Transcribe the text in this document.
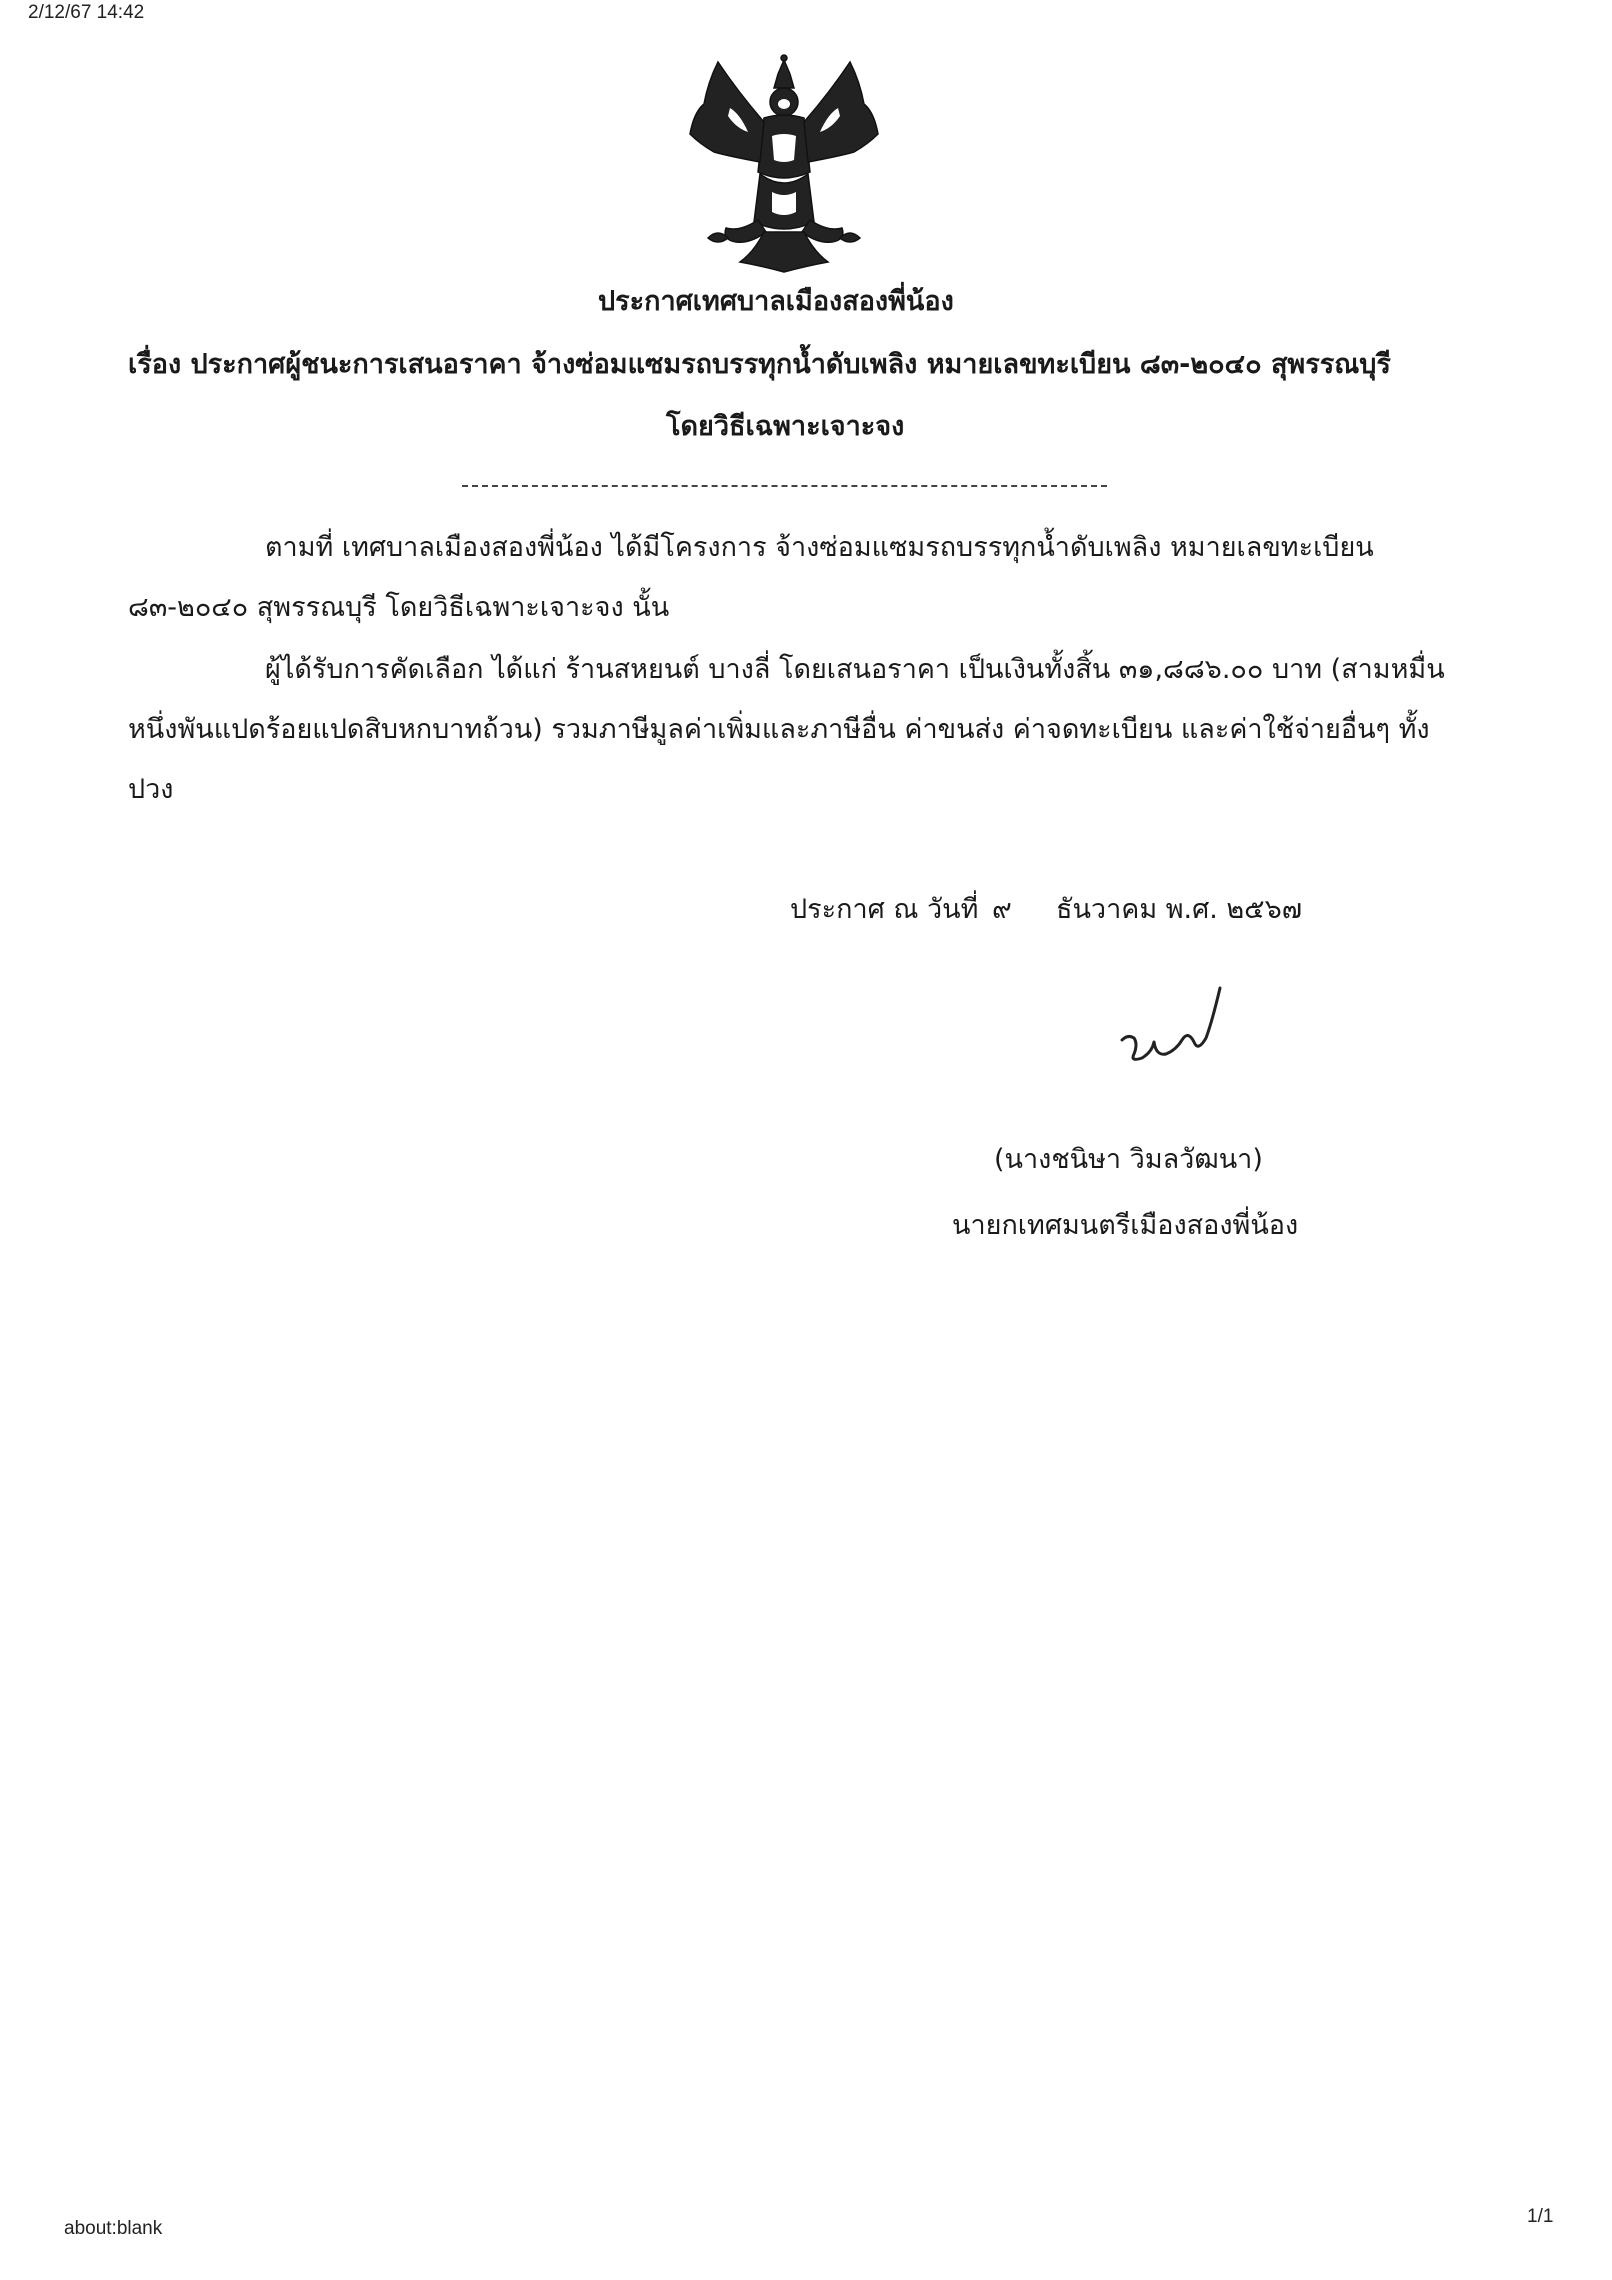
2/12/67 14:42
ประกาศเทศบาลเมืองสองพี่น้อง
เรื่อง ประกาศผู้ชนะการเสนอราคา จ้างซ่อมแซมรถบรรทุกน้ำดับเพลิง หมายเลขทะเบียน ๘๓-๒๐๔๐ สุพรรณบุรี
โดยวิธีเฉพาะเจาะจง
ตามที่ เทศบาลเมืองสองพี่น้อง ได้มีโครงการ จ้างซ่อมแซมรถบรรทุกน้ำดับเพลิง หมายเลขทะเบียน
๘๓-๒๐๔๐ สุพรรณบุรี โดยวิธีเฉพาะเจาะจง นั้น
ผู้ได้รับการคัดเลือก ได้แก่ ร้านสหยนต์ บางลี่ โดยเสนอราคา เป็นเงินทั้งสิ้น ๓๑,๘๘๖.๐๐ บาท (สามหมื่น
หนึ่งพันแปดร้อยแปดสิบหกบาทถ้วน) รวมภาษีมูลค่าเพิ่มและภาษีอื่น ค่าขนส่ง ค่าจดทะเบียน และค่าใช้จ่ายอื่นๆ ทั้ง
ปวง
ประกาศ ณ วันที่ ๙ ธันวาคม พ.ศ. ๒๕๖๗
(นางชนิษา วิมลวัฒนา)
นายกเทศมนตรีเมืองสองพี่น้อง
about:blank
1/1
